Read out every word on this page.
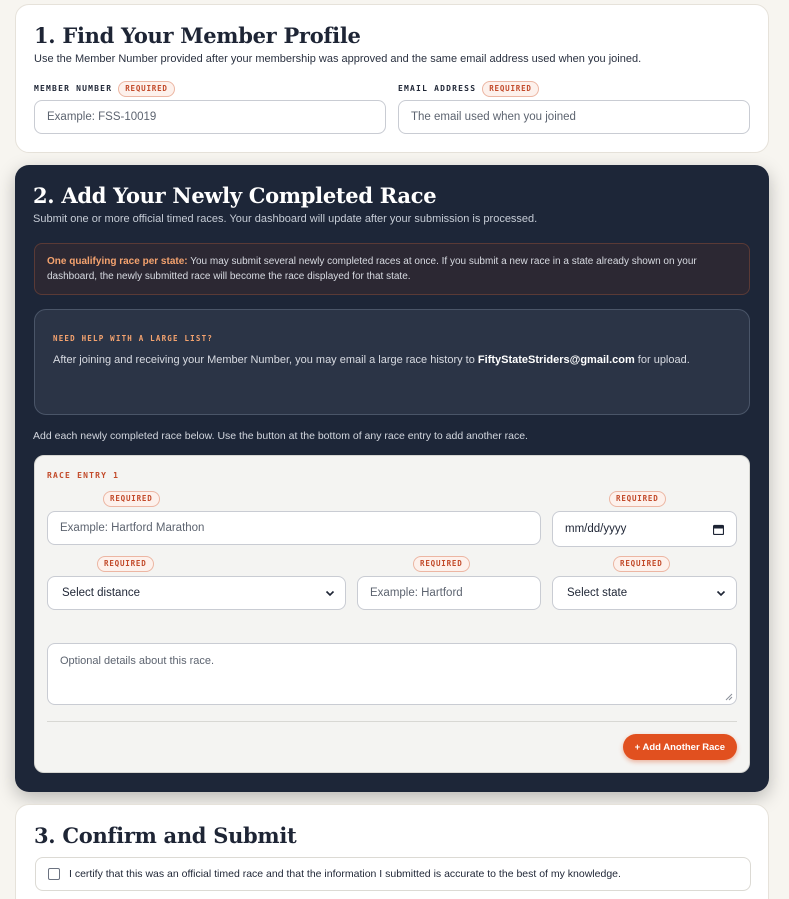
1. Find Your Member Profile
Use the Member Number provided after your membership was approved and the same email address used when you joined.
MEMBER NUMBER	REQUIRED
Example: FSS-10019
EMAIL ADDRESS	REQUIRED
The email used when you joined
2. Add Your Newly Completed Race
Submit one or more official timed races. Your dashboard will update after your submission is processed.
One qualifying race per state: You may submit several newly completed races at once. If you submit a new race in a state already shown on your dashboard, the newly submitted race will become the race displayed for that state.
NEED HELP WITH A LARGE LIST?
After joining and receiving your Member Number, you may email a large race history to FiftyStateStriders@gmail.com for upload.
Add each newly completed race below. Use the button at the bottom of any race entry to add another race.
RACE ENTRY 1
REQUIRED	REQUIRED
Example: Hartford Marathon	mm/dd/yyyy
REQUIRED	REQUIRED	REQUIRED
Select distance	Example: Hartford	Select state
Optional details about this race.
+ Add Another Race
3. Confirm and Submit
I certify that this was an official timed race and that the information I submitted is accurate to the best of my knowledge.
